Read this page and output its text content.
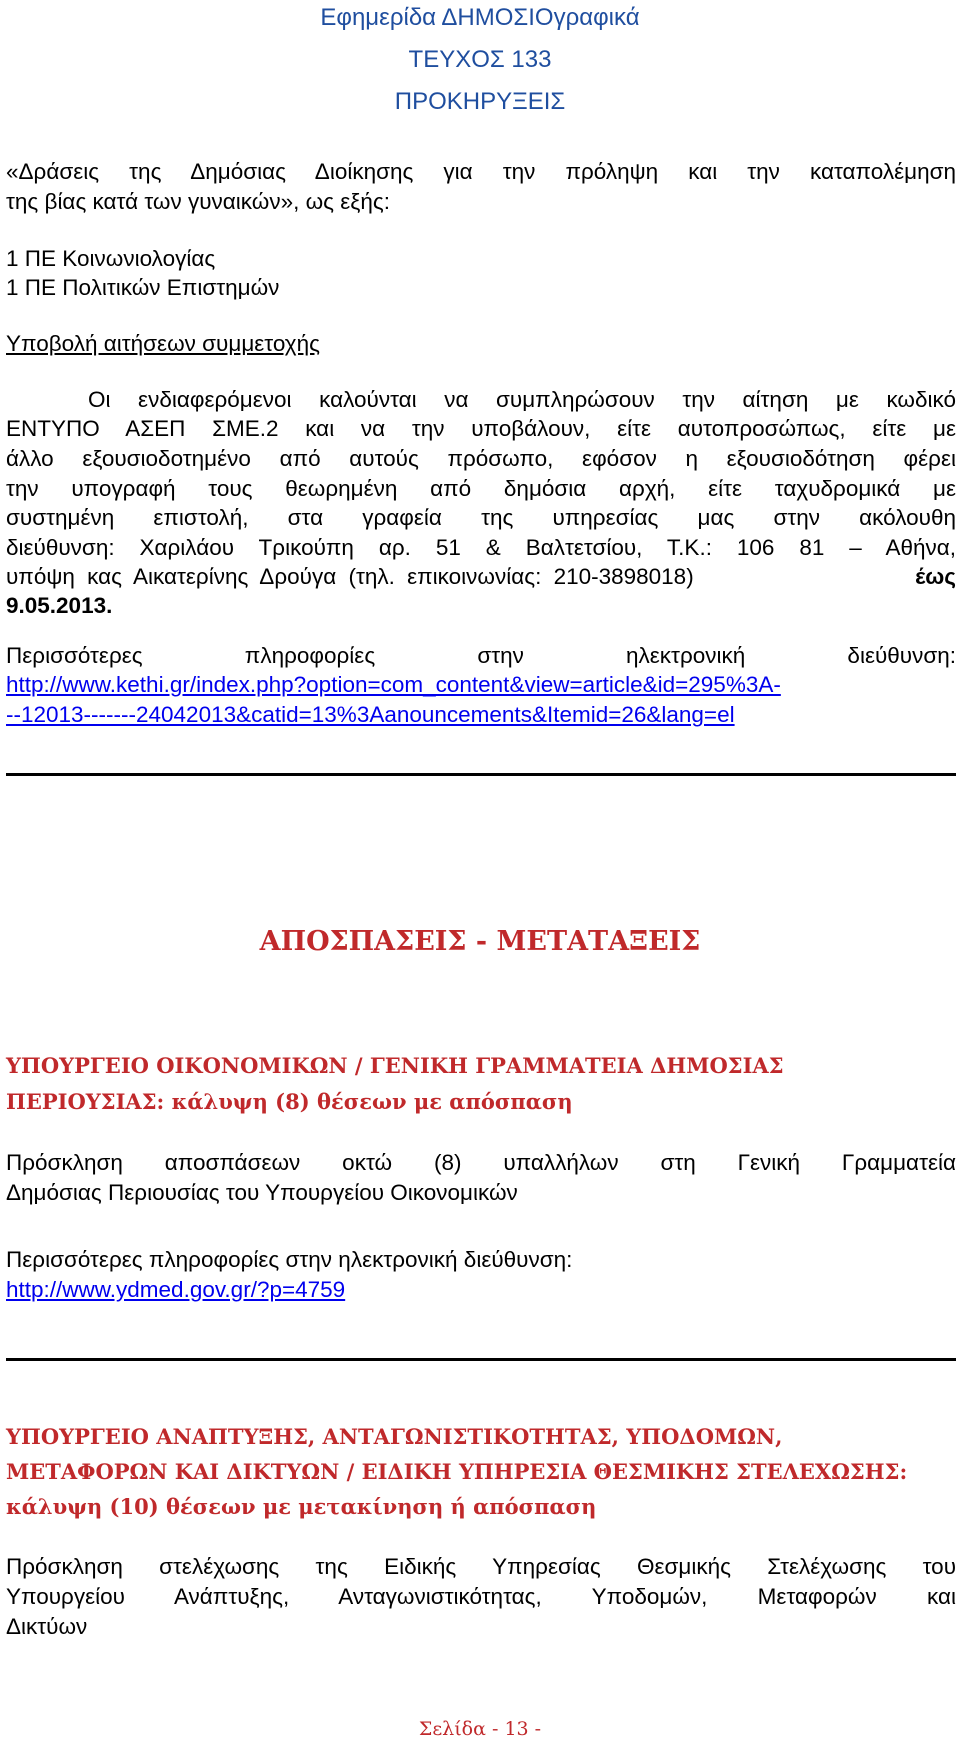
Εφημερίδα ΔΗΜΟΣΙΟγραφικά
ΤΕΥΧΟΣ 133
ΠΡΟΚΗΡΥΞΕΙΣ
«Δράσεις της Δημόσιας Διοίκησης για την πρόληψη και την καταπολέμηση
της βίας κατά των γυναικών», ως εξής:
1 ΠΕ Κοινωνιολογίας
1 ΠΕ Πολιτικών Επιστημών
Υποβολή αιτήσεων συμμετοχής
Οι ενδιαφερόμενοι καλούνται να συμπληρώσουν την αίτηση με κωδικό
ΕΝΤΥΠΟ ΑΣΕΠ ΣΜΕ.2 και να την υποβάλουν, είτε αυτοπροσώπως, είτε με
άλλο εξουσιοδοτημένο από αυτούς πρόσωπο, εφόσον η εξουσιοδότηση φέρει
την υπογραφή τους θεωρημένη από δημόσια αρχή, είτε ταχυδρομικά με
συστημένη επιστολή, στα γραφεία της υπηρεσίας μας στην ακόλουθη
διεύθυνση: Χαριλάου Τρικούπη αρ. 51 & Βαλτετσίου, Τ.Κ.: 106 81 – Αθήνα,
υπόψη κας Αικατερίνης Δρούγα (τηλ. επικοινωνίας: 210-3898018)	έως
9.05.2013.
Περισσότερες πληροφορίες στην ηλεκτρονική διεύθυνση:
http://www.kethi.gr/index.php?option=com_content&view=article&id=295%3A-
--12013-------24042013&catid=13%3Aanouncements&Itemid=26&lang=el
ΑΠΟΣΠΑΣΕΙΣ - ΜΕΤΑΤΑΞΕΙΣ
ΥΠΟΥΡΓΕΙΟ ΟΙΚΟΝΟΜΙΚΩΝ / ΓΕΝΙΚΗ ΓΡΑΜΜΑΤΕΙΑ ΔΗΜΟΣΙΑΣ
ΠΕΡΙΟΥΣΙΑΣ: κάλυψη (8) θέσεων με απόσπαση
Πρόσκληση αποσπάσεων οκτώ (8) υπαλλήλων στη Γενική Γραμματεία
Δημόσιας Περιουσίας του Υπουργείου Οικονομικών
Περισσότερες πληροφορίες στην ηλεκτρονική διεύθυνση:
http://www.ydmed.gov.gr/?p=4759
ΥΠΟΥΡΓΕΙΟ ΑΝΑΠΤΥΞΗΣ, ΑΝΤΑΓΩΝΙΣΤΙΚΟΤΗΤΑΣ, ΥΠΟΔΟΜΩΝ,
ΜΕΤΑΦΟΡΩΝ ΚΑΙ ΔΙΚΤΥΩΝ / ΕΙΔΙΚΗ ΥΠΗΡΕΣΙΑ ΘΕΣΜΙΚΗΣ ΣΤΕΛΕΧΩΣΗΣ:
κάλυψη (10) θέσεων με μετακίνηση ή απόσπαση
Πρόσκληση στελέχωσης της Ειδικής Υπηρεσίας Θεσμικής Στελέχωσης του
Υπουργείου Ανάπτυξης, Ανταγωνιστικότητας, Υποδομών, Μεταφορών και
Δικτύων
Σελίδα - 13 -
